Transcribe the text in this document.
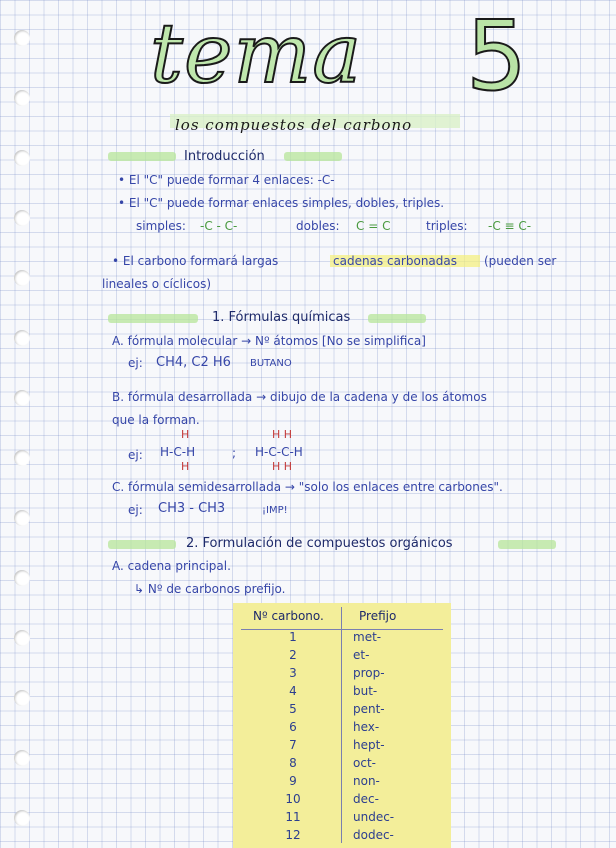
tema 5
los compuestos del carbono
Introducción
• El "C" puede formar 4 enlaces: -C-
• El "C" puede formar enlaces simples, dobles, triples.
simples: -C - C-	dobles: C = C	triples: -C ≡ C-
• El carbono formará largas	cadenas carbonadas (pueden ser
lineales o cíclicos)
1. Fórmulas químicas
A. fórmula molecular → Nº átomos [No se simplifica]
ej: CH4, C2 H6 BUTANO
B. fórmula desarrollada → dibujo de la cadena y de los átomos
que la forman.
ej:
H
H-C-H
H
;
H H
H-C-C-H
H H
C. fórmula semidesarrollada → "solo los enlaces entre carbones".
ej: CH3 - CH3	¡IMP!
2. Formulación de compuestos orgánicos
A. cadena principal.
↳ Nº de carbonos prefijo.
Nº carbono.	Prefijo
1	met-
2	et-
3	prop-
4	but-
5	pent-
6	hex-
7	hept-
8	oct-
9	non-
10	dec-
11	undec-
12	dodec-
